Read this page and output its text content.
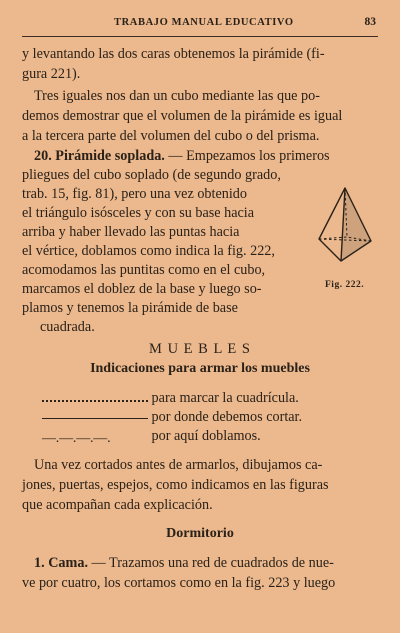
TRABAJO MANUAL EDUCATIVO	83

y levantando las dos caras obtenemos la pirámide (fi-

gura 221).

Tres iguales nos dan un cubo mediante las que po-

demos demostrar que el volumen de la pirámide es igual

a la tercera parte del volumen del cubo o del prisma.

20. Pirámide soplada. — Empezamos los primeros

pliegues del cubo soplado (de segundo grado,

trab. 15, fig. 81), pero una vez obtenido

el triángulo isósceles y con su base hacia

arriba y haber llevado las puntas hacia

el vértice, doblamos como indica la fig. 222,

acomodamos las puntitas como en el cubo,

marcamos el doblez de la base y luego so-

plamos y tenemos la pirámide de base

cuadrada.

Fig. 222.

M U E B L E S

Indicaciones para armar los muebles

para marcar la cuadrícula.
por donde debemos cortar.
—.—.—.—.	por aquí doblamos.

Una vez cortados antes de armarlos, dibujamos ca-

jones, puertas, espejos, como indicamos en las figuras

que acompañan cada explicación.

Dormitorio

1. Cama. — Trazamos una red de cuadrados de nue-

ve por cuatro, los cortamos como en la fig. 223 y luego
